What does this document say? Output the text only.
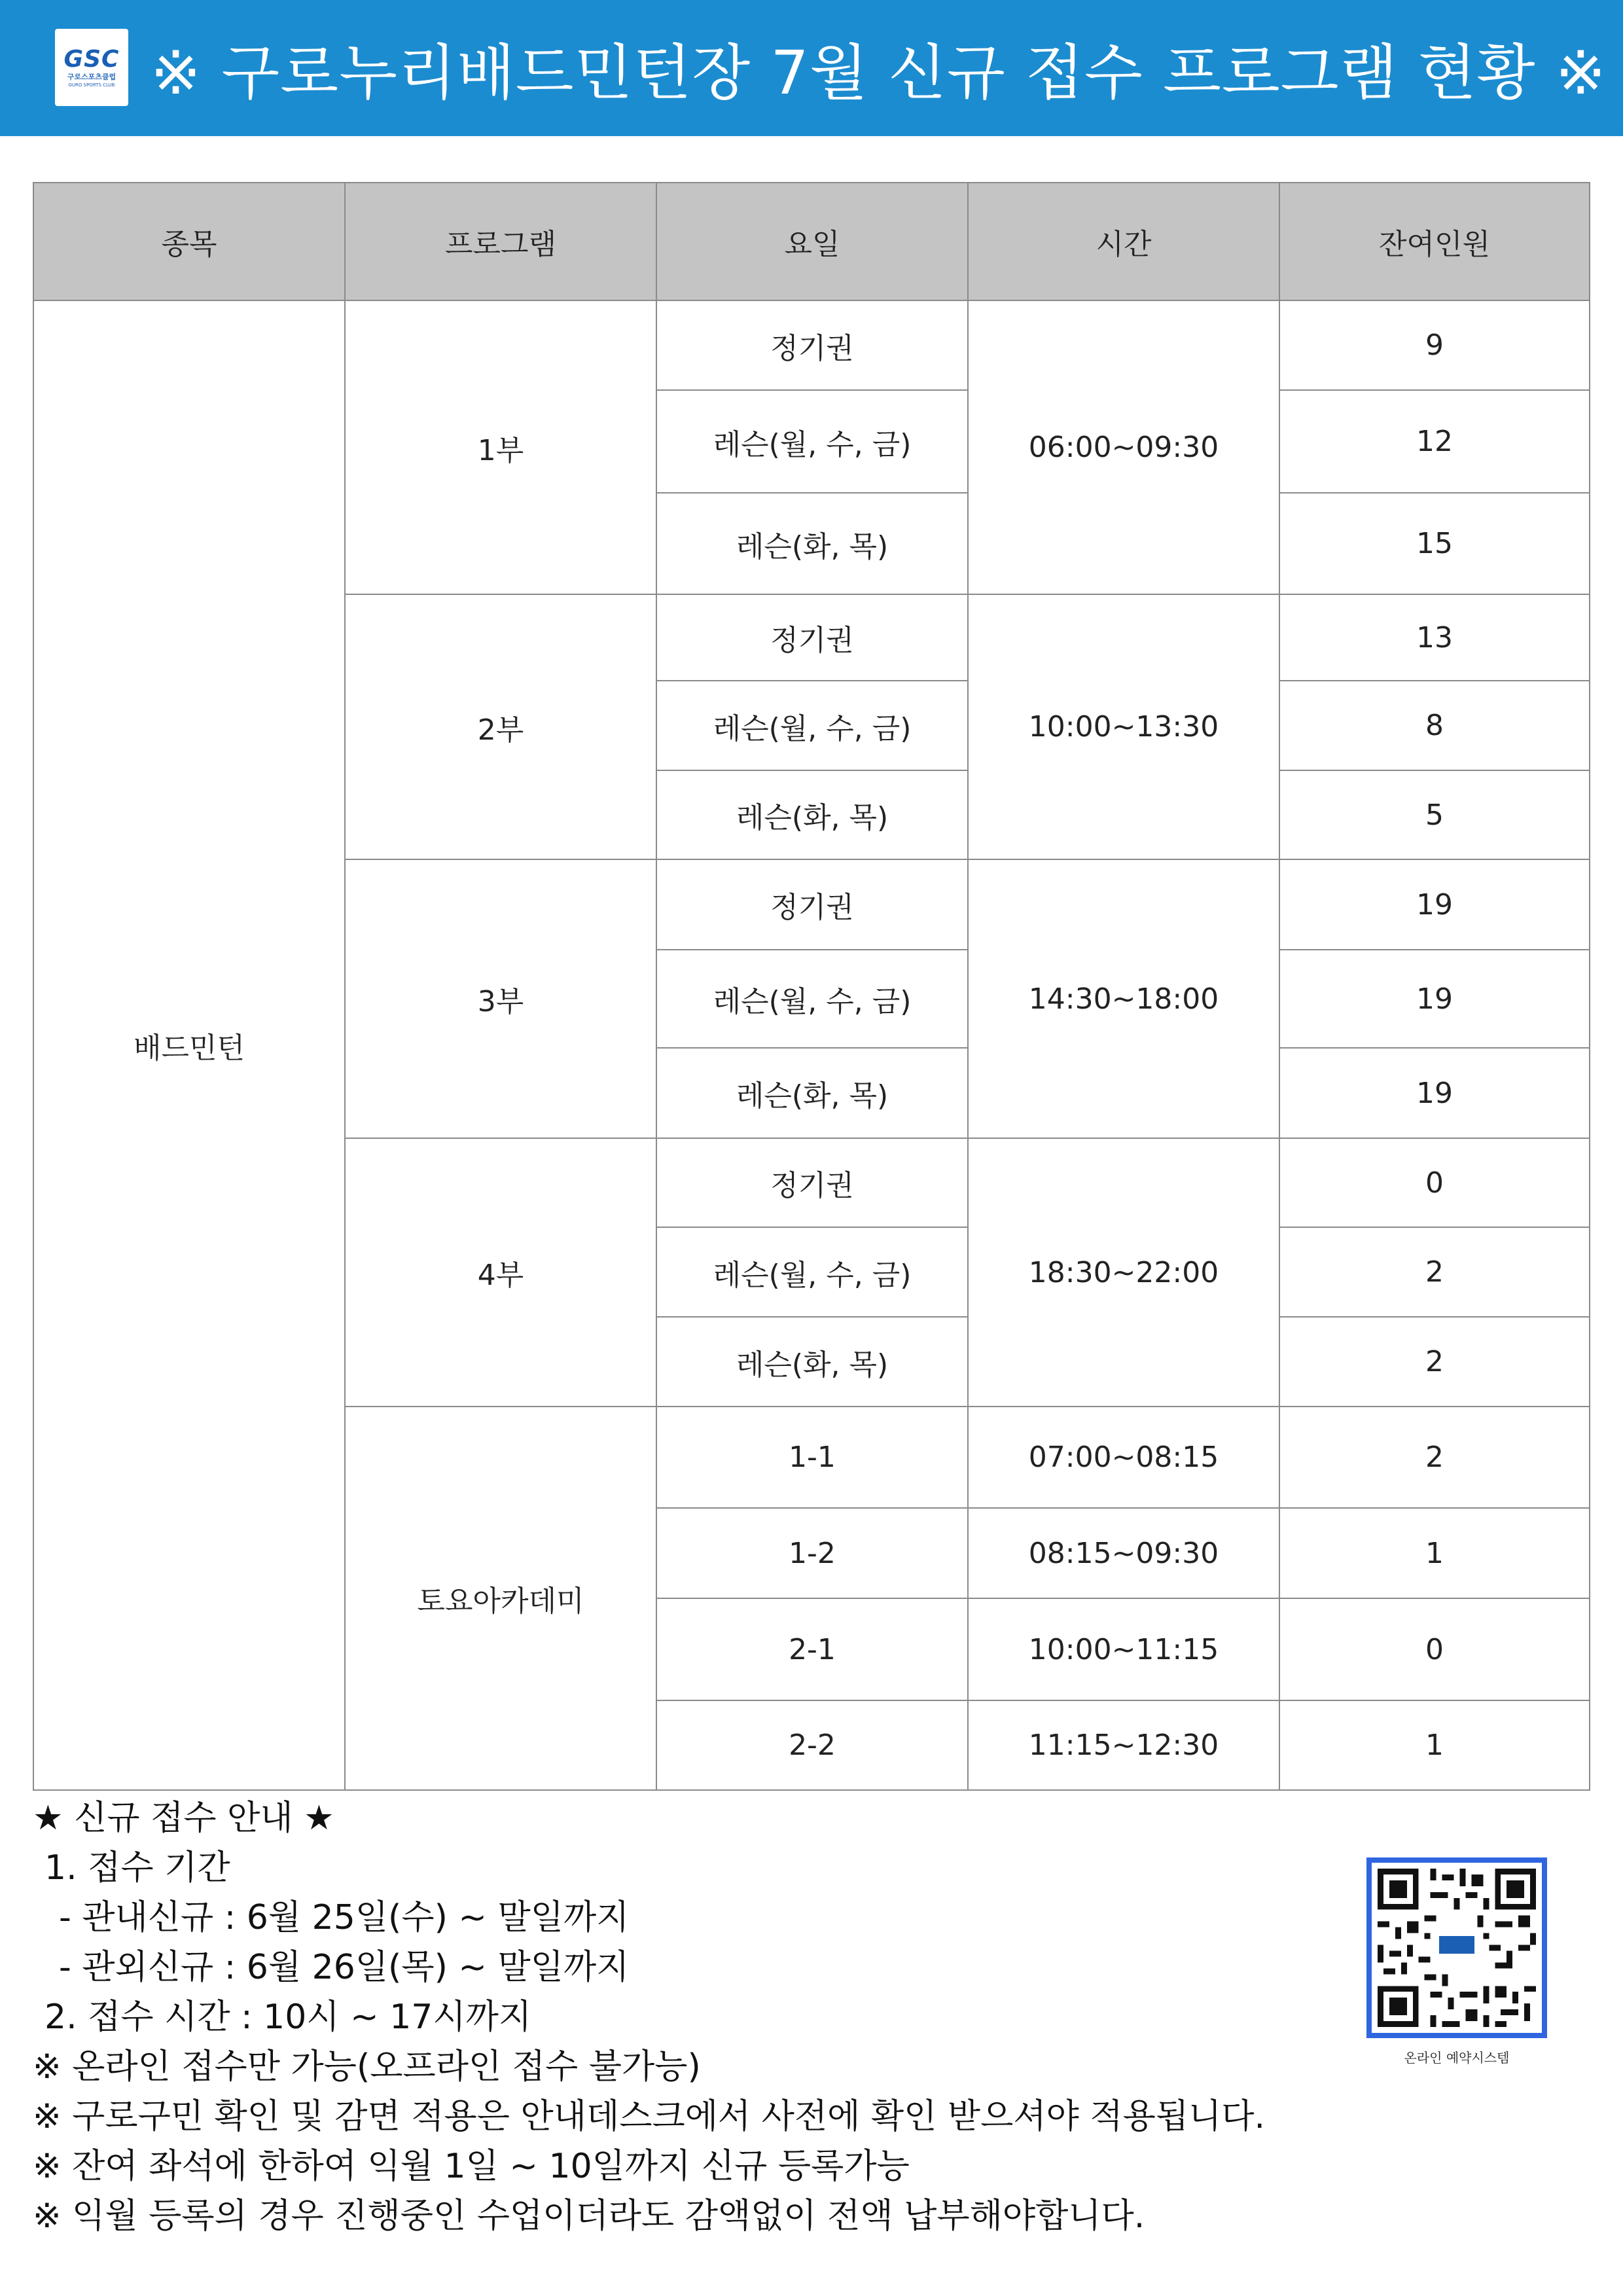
GSC
구로스포츠클럽
GURO SPORTS CLUB ※ 구로누리배드민턴장 7월 신규 접수 프로그램 현황 ※
종목	프로그램	요일	시간	잔여인원
배드민턴	1부	정기권	06:00~09:30	9
		레슨(월, 수, 금)		12
		레슨(화, 목)		15
	2부	정기권	10:00~13:30	13
		레슨(월, 수, 금)		8
		레슨(화, 목)		5
	3부	정기권	14:30~18:00	19
		레슨(월, 수, 금)		19
		레슨(화, 목)		19
	4부	정기권	18:30~22:00	0
		레슨(월, 수, 금)		2
		레슨(화, 목)		2
	토요아카데미	1-1	07:00~08:15	2
		1-2	08:15~09:30	1
		2-1	10:00~11:15	0
		2-2	11:15~12:30	1
★ 신규 접수 안내 ★
1. 접수 기간
- 관내신규 : 6월 25일(수) ~ 말일까지
- 관외신규 : 6월 26일(목) ~ 말일까지
2. 접수 시간 : 10시 ~ 17시까지
※ 온라인 접수만 가능(오프라인 접수 불가능)
※ 구로구민 확인 및 감면 적용은 안내데스크에서 사전에 확인 받으셔야 적용됩니다.
※ 잔여 좌석에 한하여 익월 1일 ~ 10일까지 신규 등록가능
※ 익월 등록의 경우 진행중인 수업이더라도 감액없이 전액 납부해야합니다.
온라인 예약시스템
